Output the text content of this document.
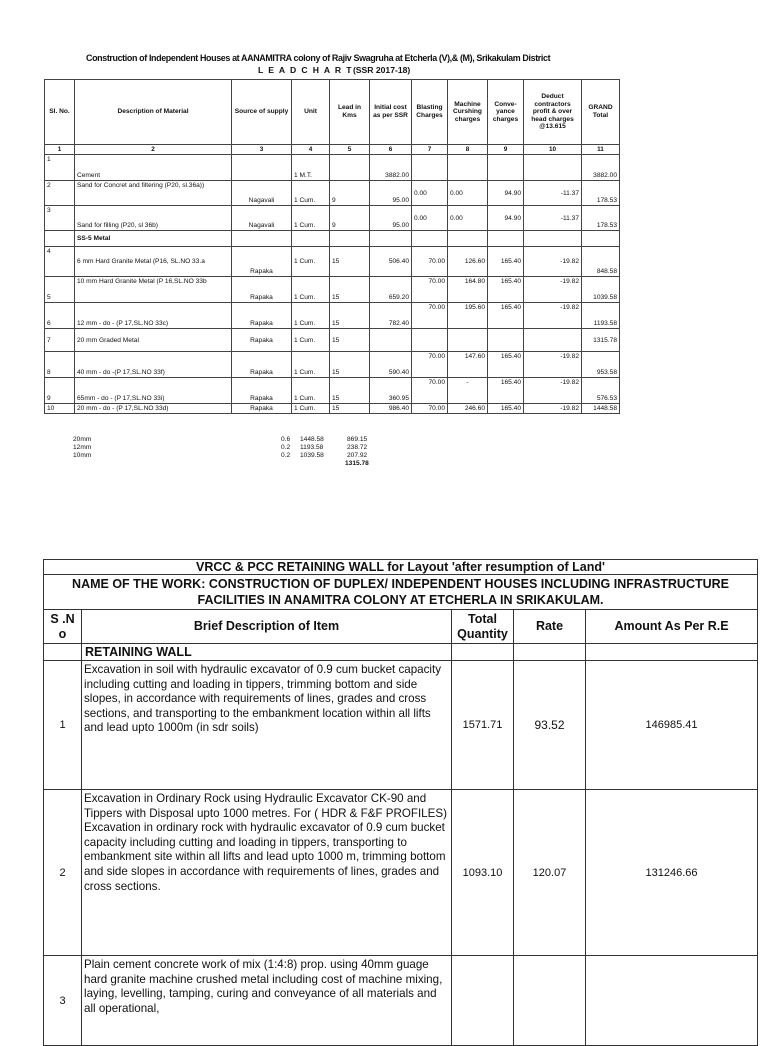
Construction of Independent Houses at AANAMITRA colony of Rajiv Swagruha at Etcherla (V),& (M), Srikakulam District
L E A D C H A R T(SSR 2017-18)
Sl. No.	Description of Material	Source of supply	Unit	Lead in Kms	Initial cost as per SSR	Blasting Charges	Machine Curshing charges	Conve-yance charges	Deduct contractors profit & over head charges @13.615	GRAND Total
1	2	3	4	5	6	7	8	9	10	11
1	Cement		1 M.T.		3882.00					3882.00
2	Sand for Concret and filtering (P20, sl.36a))	Nagavali	1 Cum.	9	95.00	0.00	0.00	94.90	-11.37	178.53
3	Sand for filling (P20, sl 36b)	Nagavali	1 Cum.	9	95.00	0.00	0.00	94.90	-11.37	178.53
	SS-5 Metal									
4	6 mm Hard Granite Metal (P16, SL.NO 33.a	Rapaka	1 Cum.	15	506.40	70.00	126.60	165.40	-19.82	848.58
5	10 mm Hard Granite Metal (P 16,SL.NO 33b	Rapaka	1 Cum.	15	659.20	70.00	164.80	165.40	-19.82	1039.58
6	12 mm - do - (P 17,SL.NO 33c)	Rapaka	1 Cum.	15	782.40	70.00	195.60	165.40	-19.82	1193.58
7	20 mm Graded Metal	Rapaka	1 Cum.	15						1315.78
8	40 mm - do -(P 17,SL.NO 33f)	Rapaka	1 Cum.	15	590.40	70.00	147.60	165.40	-19.82	953.58
9	65mm - do - (P 17,SL.NO 33i)	Rapaka	1 Cum.	15	360.95	70.00	-	165.40	-19.82	576.53
10	20 mm - do - (P 17,SL.NO 33d)	Rapaka	1 Cum.	15	986.40	70.00	246.60	165.40	-19.82	1448.58
20mm	0.6 1448.58	869.15
12mm	0.2 1193.58	238.72
10mm	0.2 1039.58	207.92
1315.78
VRCC & PCC RETAINING WALL for Layout 'after resumption of Land'				
NAME OF THE WORK: CONSTRUCTION OF DUPLEX/ INDEPENDENT HOUSES INCLUDING INFRASTRUCTURE FACILITIES IN ANAMITRA COLONY AT ETCHERLA IN SRIKAKULAM.				
S .N o	Brief Description of Item	Total Quantity	Rate	Amount As Per R.E
	RETAINING WALL			
1	Excavation in soil with hydraulic excavator of 0.9 cum bucket capacity including cutting and loading in tippers, trimming bottom and side slopes, in accordance with requirements of lines, grades and cross sections, and transporting to the embankment location within all lifts and lead upto 1000m (in sdr soils)	1571.71	93.52	146985.41
2	Excavation in Ordinary Rock using Hydraulic Excavator CK-90 and Tippers with Disposal upto 1000 metres. For ( HDR & F&F PROFILES)
Excavation in ordinary rock with hydraulic excavator of 0.9 cum bucket capacity including cutting and loading in tippers, transporting to embankment site within all lifts and lead upto 1000 m, trimming bottom and side slopes in accordance with requirements of lines, grades and cross sections.	1093.10	120.07	131246.66
3	Plain cement concrete work of mix (1:4:8) prop. using 40mm guage hard granite machine crushed metal including cost of machine mixing, laying, levelling, tamping, curing and conveyance of all materials and all operational,			
